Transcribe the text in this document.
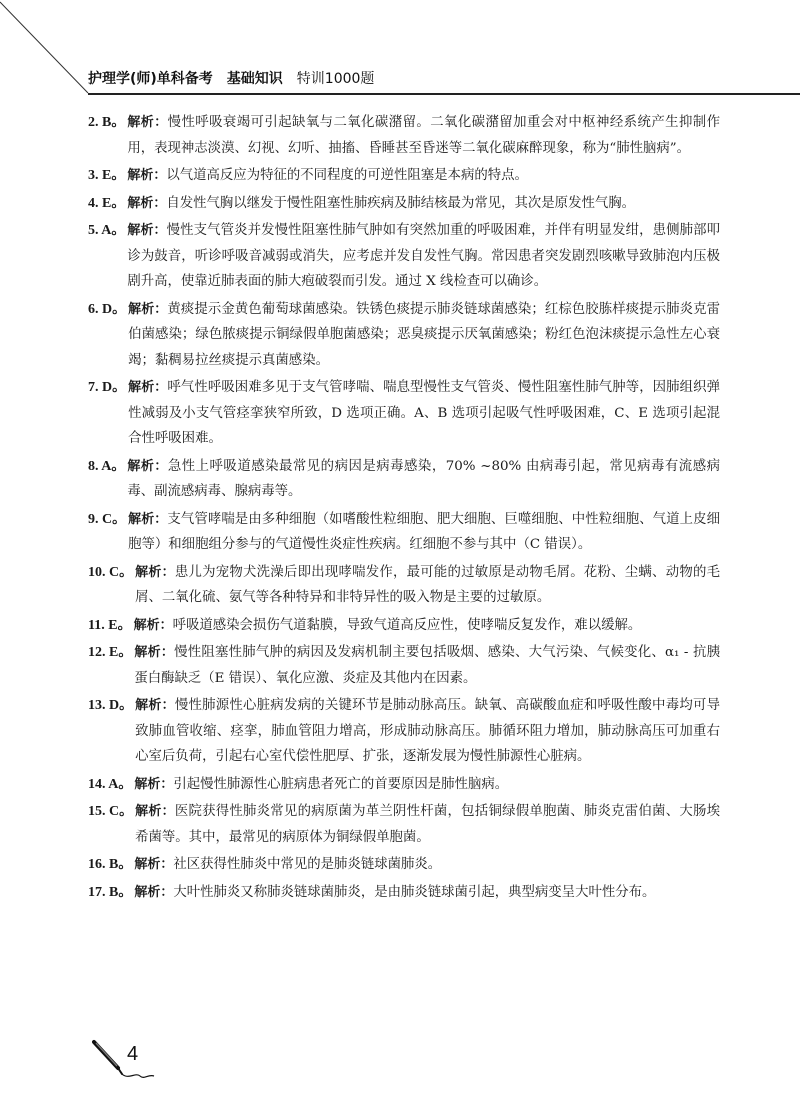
护理学(师)单科备考 基础知识 特训1000题
2. B。 解析：慢性呼吸衰竭可引起缺氧与二氧化碳潴留。二氧化碳潴留加重会对中枢神经系统产生抑制作用，表现神志淡漠、幻视、幻听、抽搐、昏睡甚至昏迷等二氧化碳麻醉现象，称为“肺性脑病”。
3. E。 解析：以气道高反应为特征的不同程度的可逆性阻塞是本病的特点。
4. E。 解析：自发性气胸以继发于慢性阻塞性肺疾病及肺结核最为常见，其次是原发性气胸。
5. A。 解析：慢性支气管炎并发慢性阻塞性肺气肿如有突然加重的呼吸困难，并伴有明显发绀，患侧肺部叩诊为鼓音，听诊呼吸音减弱或消失，应考虑并发自发性气胸。常因患者突发剧烈咳嗽导致肺泡内压极剧升高，使靠近肺表面的肺大疱破裂而引发。通过 X 线检查可以确诊。
6. D。 解析：黄痰提示金黄色葡萄球菌感染。铁锈色痰提示肺炎链球菌感染；红棕色胶胨样痰提示肺炎克雷伯菌感染；绿色脓痰提示铜绿假单胞菌感染；恶臭痰提示厌氧菌感染；粉红色泡沫痰提示急性左心衰竭；黏稠易拉丝痰提示真菌感染。
7. D。 解析：呼气性呼吸困难多见于支气管哮喘、喘息型慢性支气管炎、慢性阻塞性肺气肿等，因肺组织弹性减弱及小支气管痉挛狭窄所致，D 选项正确。A、B 选项引起吸气性呼吸困难，C、E 选项引起混合性呼吸困难。
8. A。 解析：急性上呼吸道感染最常见的病因是病毒感染，70% ~80% 由病毒引起，常见病毒有流感病毒、副流感病毒、腺病毒等。
9. C。 解析：支气管哮喘是由多种细胞（如嗜酸性粒细胞、肥大细胞、巨噬细胞、中性粒细胞、气道上皮细胞等）和细胞组分参与的气道慢性炎症性疾病。红细胞不参与其中（C 错误）。
10. C。 解析：患儿为宠物犬洗澡后即出现哮喘发作，最可能的过敏原是动物毛屑。花粉、尘螨、动物的毛屑、二氧化硫、氨气等各种特异和非特异性的吸入物是主要的过敏原。
11. E。 解析：呼吸道感染会损伤气道黏膜，导致气道高反应性，使哮喘反复发作，难以缓解。
12. E。 解析：慢性阻塞性肺气肿的病因及发病机制主要包括吸烟、感染、大气污染、气候变化、α₁ - 抗胰蛋白酶缺乏（E 错误）、氧化应激、炎症及其他内在因素。
13. D。 解析：慢性肺源性心脏病发病的关键环节是肺动脉高压。缺氧、高碳酸血症和呼吸性酸中毒均可导致肺血管收缩、痉挛，肺血管阻力增高，形成肺动脉高压。肺循环阻力增加，肺动脉高压可加重右心室后负荷，引起右心室代偿性肥厚、扩张，逐渐发展为慢性肺源性心脏病。
14. A。 解析：引起慢性肺源性心脏病患者死亡的首要原因是肺性脑病。
15. C。 解析：医院获得性肺炎常见的病原菌为革兰阴性杆菌，包括铜绿假单胞菌、肺炎克雷伯菌、大肠埃希菌等。其中，最常见的病原体为铜绿假单胞菌。
16. B。 解析：社区获得性肺炎中常见的是肺炎链球菌肺炎。
17. B。 解析：大叶性肺炎又称肺炎链球菌肺炎，是由肺炎链球菌引起，典型病变呈大叶性分布。
4
